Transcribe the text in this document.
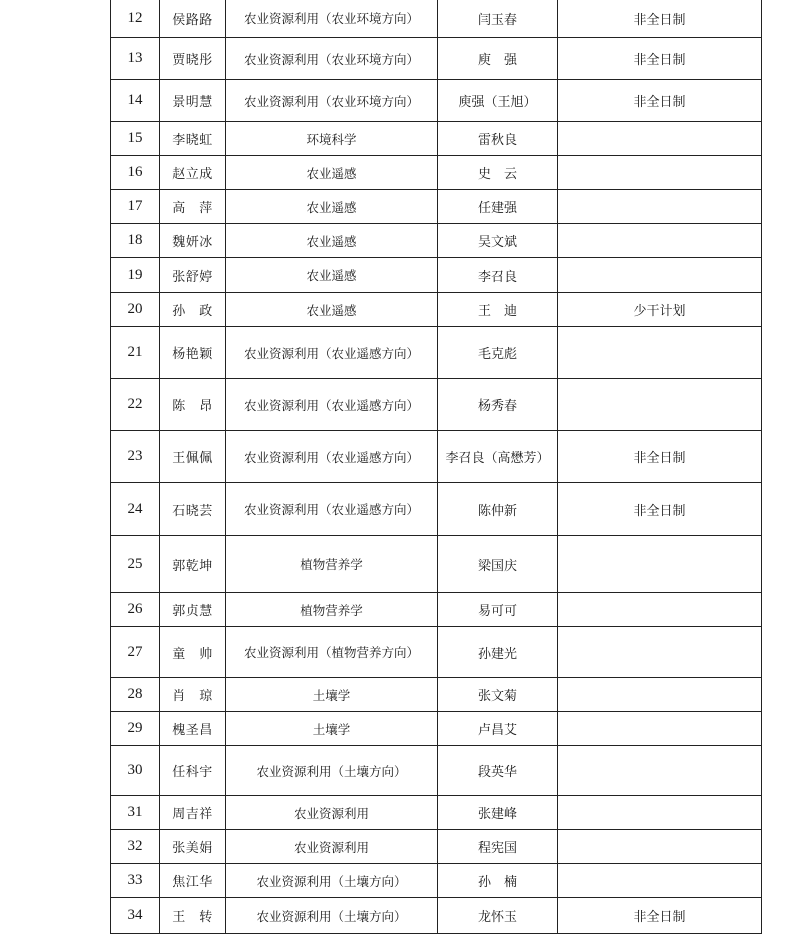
12	侯路路	农业资源利用（农业环境方向）	闫玉春	非全日制
13	贾晓彤	农业资源利用（农业环境方向）	庾　强	非全日制
14	景明慧	农业资源利用（农业环境方向）	庾强（王旭）	非全日制
15	李晓虹	环境科学	雷秋良	
16	赵立成	农业遥感	史　云	
17	高　萍	农业遥感	任建强	
18	魏妍冰	农业遥感	吴文斌	
19	张舒婷	农业遥感	李召良	
20	孙　政	农业遥感	王　迪	少干计划
21	杨艳颖	农业资源利用（农业遥感方向）	毛克彪	
22	陈　昂	农业资源利用（农业遥感方向）	杨秀春	
23	王佩佩	农业资源利用（农业遥感方向）	李召良（高懋芳）	非全日制
24	石晓芸	农业资源利用（农业遥感方向）	陈仲新	非全日制
25	郭乾坤	植物营养学	梁国庆	
26	郭贞慧	植物营养学	易可可	
27	童　帅	农业资源利用（植物营养方向）	孙建光	
28	肖　琼	土壤学	张文菊	
29	槐圣昌	土壤学	卢昌艾	
30	任科宇	农业资源利用（土壤方向）	段英华	
31	周吉祥	农业资源利用	张建峰	
32	张美娟	农业资源利用	程宪国	
33	焦江华	农业资源利用（土壤方向）	孙　楠	
34	王　转	农业资源利用（土壤方向）	龙怀玉	非全日制
